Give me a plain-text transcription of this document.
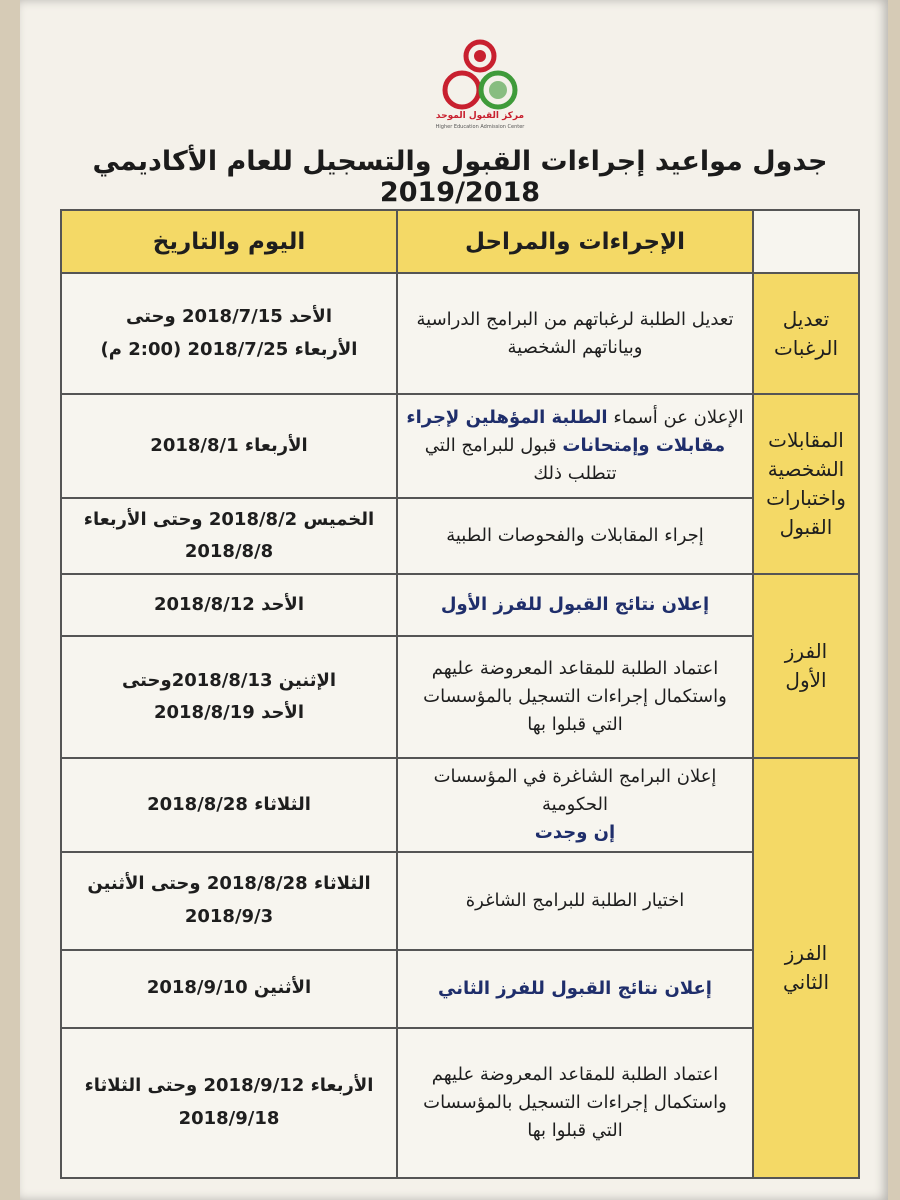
مركز القبول الموحد
Higher Education Admission Center
جدول مواعيد إجراءات القبول والتسجيل للعام الأكاديمي 2019/2018
	الإجراءات والمراحل	اليوم والتاريخ
تعديل الرغبات	تعديل الطلبة لرغباتهم من البرامج الدراسية وبياناتهم الشخصية	الأحد 2018/7/15 وحتى
الأربعاء 2018/7/25 (2:00 م)

المقابلات الشخصية واختبارات القبول	الإعلان عن أسماء الطلبة المؤهلين لإجراء مقابلات وإمتحانات قبول للبرامج التي تتطلب ذلك	الأربعاء 2018/8/1

	إجراء المقابلات والفحوصات الطبية	الخميس 2018/8/2 وحتى الأربعاء
2018/8/8

الفرز الأول	إعلان نتائج القبول للفرز الأول	الأحد 2018/8/12

	اعتماد الطلبة للمقاعد المعروضة عليهم واستكمال إجراءات التسجيل بالمؤسسات التي قبلوا بها	الإثنين 2018/8/13وحتى
الأحد 2018/8/19

الفرز الثاني	إعلان البرامج الشاغرة في المؤسسات الحكومية
إن وجدت	الثلاثاء 2018/8/28

	اختيار الطلبة للبرامج الشاغرة	الثلاثاء 2018/8/28 وحتى الأثنين
2018/9/3

	إعلان نتائج القبول للفرز الثاني	الأثنين 2018/9/10

	اعتماد الطلبة للمقاعد المعروضة عليهم واستكمال إجراءات التسجيل بالمؤسسات التي قبلوا بها	الأربعاء 2018/9/12 وحتى الثلاثاء
2018/9/18
